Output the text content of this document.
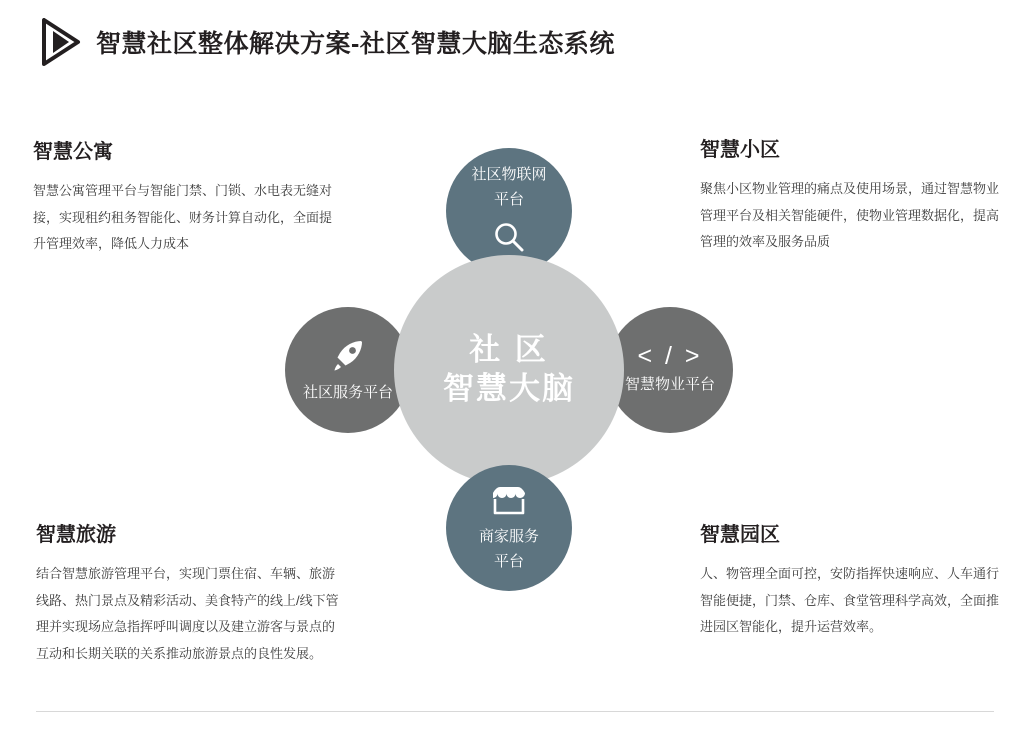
智慧社区整体解决方案-社区智慧大脑生态系统
社区物联网
平台
社区服务平台
< / >
智慧物业平台
社 区
智慧大脑
商家服务
平台
智慧公寓
智慧公寓管理平台与智能门禁、门锁、水电表无缝对接，实现租约租务智能化、财务计算自动化，全面提升管理效率，降低人力成本
智慧小区
聚焦小区物业管理的痛点及使用场景，通过智慧物业管理平台及相关智能硬件，使物业管理数据化，提高管理的效率及服务品质
智慧旅游
结合智慧旅游管理平台，实现门票住宿、车辆、旅游线路、热门景点及精彩活动、美食特产的线上/线下管理并实现场应急指挥呼叫调度以及建立游客与景点的互动和长期关联的关系推动旅游景点的良性发展。
智慧园区
人、物管理全面可控，安防指挥快速响应、人车通行智能便捷，门禁、仓库、食堂管理科学高效，全面推进园区智能化，提升运营效率。
